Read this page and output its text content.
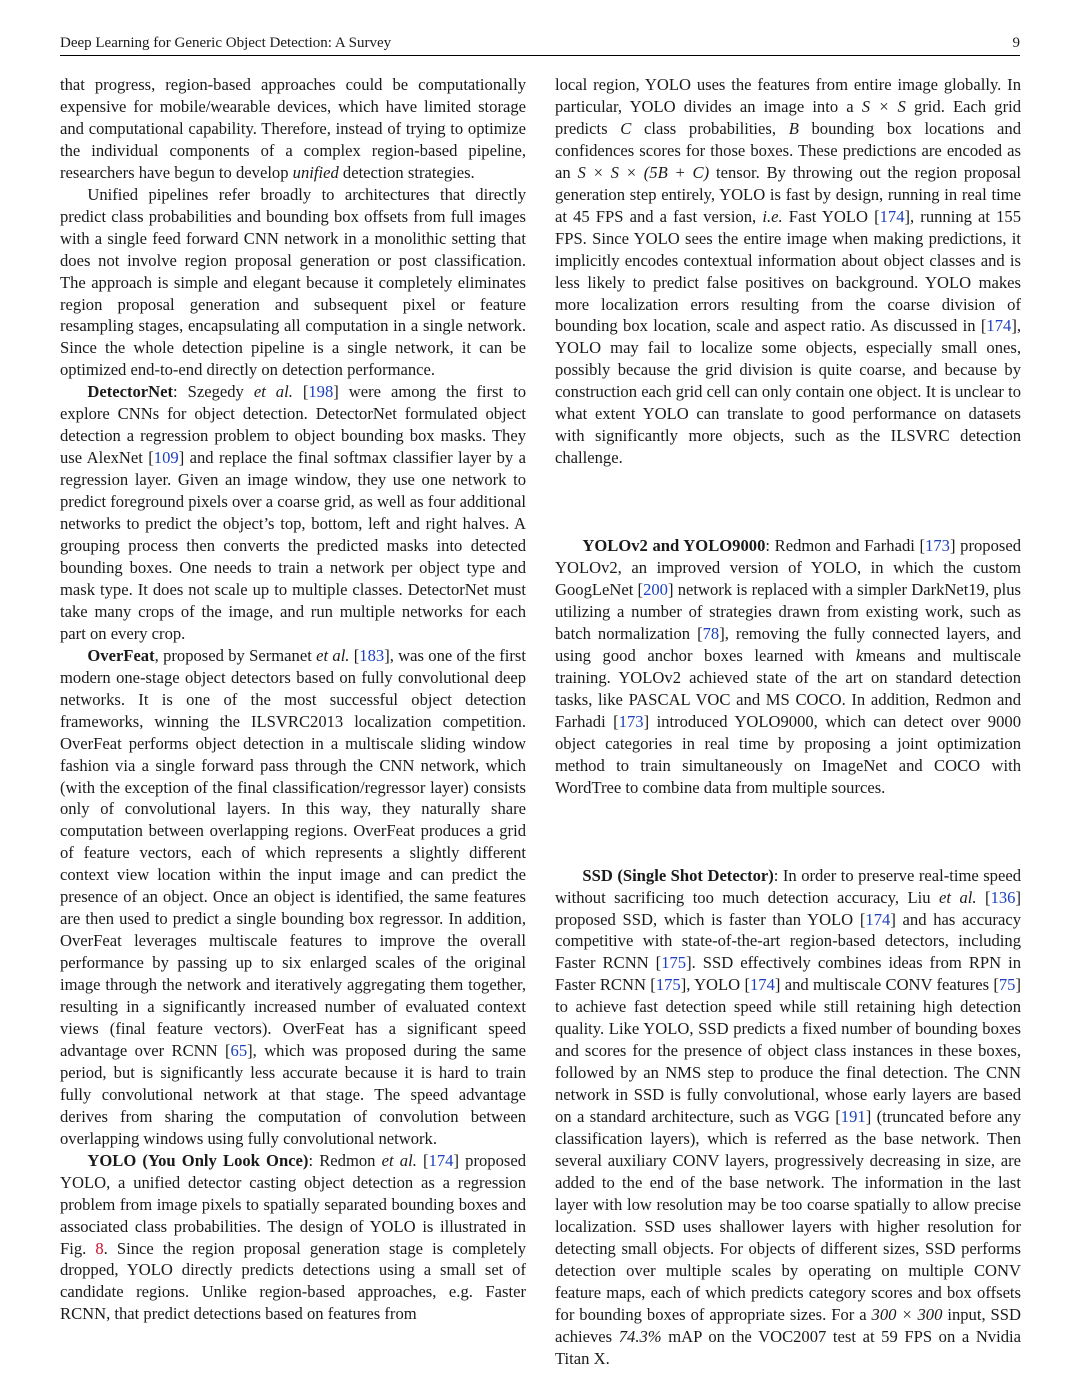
Deep Learning for Generic Object Detection: A Survey	9

that progress, region-based approaches could be computationally expensive for mobile/wearable devices, which have limited storage and computational capability. Therefore, instead of trying to optimize the individual components of a complex region-based pipeline, researchers have begun to develop unified detection strategies.

Unified pipelines refer broadly to architectures that directly predict class probabilities and bounding box offsets from full images with a single feed forward CNN network in a monolithic setting that does not involve region proposal generation or post classification. The approach is simple and elegant because it completely eliminates region proposal generation and subsequent pixel or feature resampling stages, encapsulating all computation in a single network. Since the whole detection pipeline is a single network, it can be optimized end-to-end directly on detection performance.

DetectorNet: Szegedy et al. [198] were among the first to explore CNNs for object detection. DetectorNet formulated object detection a regression problem to object bounding box masks. They use AlexNet [109] and replace the final softmax classifier layer by a regression layer. Given an image window, they use one network to predict foreground pixels over a coarse grid, as well as four additional networks to predict the object’s top, bottom, left and right halves. A grouping process then converts the predicted masks into detected bounding boxes. One needs to train a network per object type and mask type. It does not scale up to multiple classes. DetectorNet must take many crops of the image, and run multiple networks for each part on every crop.

OverFeat, proposed by Sermanet et al. [183], was one of the first modern one-stage object detectors based on fully convolutional deep networks. It is one of the most successful object detection frameworks, winning the ILSVRC2013 localization competition. OverFeat performs object detection in a multiscale sliding window fashion via a single forward pass through the CNN network, which (with the exception of the final classification/regressor layer) consists only of convolutional layers. In this way, they naturally share computation between overlapping regions. OverFeat produces a grid of feature vectors, each of which represents a slightly different context view location within the input image and can predict the presence of an object. Once an object is identified, the same features are then used to predict a single bounding box regressor. In addition, OverFeat leverages multiscale features to improve the overall performance by passing up to six enlarged scales of the original image through the network and iteratively aggregating them together, resulting in a significantly increased number of evaluated context views (final feature vectors). OverFeat has a significant speed advantage over RCNN [65], which was proposed during the same period, but is significantly less accurate because it is hard to train fully convolutional network at that stage. The speed advantage derives from sharing the computation of convolution between overlapping windows using fully convolutional network.

YOLO (You Only Look Once): Redmon et al. [174] proposed YOLO, a unified detector casting object detection as a regression problem from image pixels to spatially separated bounding boxes and associated class probabilities. The design of YOLO is illustrated in Fig. 8. Since the region proposal generation stage is completely dropped, YOLO directly predicts detections using a small set of candidate regions. Unlike region-based approaches, e.g. Faster RCNN, that predict detections based on features from

local region, YOLO uses the features from entire image globally. In particular, YOLO divides an image into a S × S grid. Each grid predicts C class probabilities, B bounding box locations and confidences scores for those boxes. These predictions are encoded as an S × S × (5B + C) tensor. By throwing out the region proposal generation step entirely, YOLO is fast by design, running in real time at 45 FPS and a fast version, i.e. Fast YOLO [174], running at 155 FPS. Since YOLO sees the entire image when making predictions, it implicitly encodes contextual information about object classes and is less likely to predict false positives on background. YOLO makes more localization errors resulting from the coarse division of bounding box location, scale and aspect ratio. As discussed in [174], YOLO may fail to localize some objects, especially small ones, possibly because the grid division is quite coarse, and because by construction each grid cell can only contain one object. It is unclear to what extent YOLO can translate to good performance on datasets with significantly more objects, such as the ILSVRC detection challenge.

YOLOv2 and YOLO9000: Redmon and Farhadi [173] proposed YOLOv2, an improved version of YOLO, in which the custom GoogLeNet [200] network is replaced with a simpler DarkNet19, plus utilizing a number of strategies drawn from existing work, such as batch normalization [78], removing the fully connected layers, and using good anchor boxes learned with kmeans and multiscale training. YOLOv2 achieved state of the art on standard detection tasks, like PASCAL VOC and MS COCO. In addition, Redmon and Farhadi [173] introduced YOLO9000, which can detect over 9000 object categories in real time by proposing a joint optimization method to train simultaneously on ImageNet and COCO with WordTree to combine data from multiple sources.

SSD (Single Shot Detector): In order to preserve real-time speed without sacrificing too much detection accuracy, Liu et al. [136] proposed SSD, which is faster than YOLO [174] and has accuracy competitive with state-of-the-art region-based detectors, including Faster RCNN [175]. SSD effectively combines ideas from RPN in Faster RCNN [175], YOLO [174] and multiscale CONV features [75] to achieve fast detection speed while still retaining high detection quality. Like YOLO, SSD predicts a fixed number of bounding boxes and scores for the presence of object class instances in these boxes, followed by an NMS step to produce the final detection. The CNN network in SSD is fully convolutional, whose early layers are based on a standard architecture, such as VGG [191] (truncated before any classification layers), which is referred as the base network. Then several auxiliary CONV layers, progressively decreasing in size, are added to the end of the base network. The information in the last layer with low resolution may be too coarse spatially to allow precise localization. SSD uses shallower layers with higher resolution for detecting small objects. For objects of different sizes, SSD performs detection over multiple scales by operating on multiple CONV feature maps, each of which predicts category scores and box offsets for bounding boxes of appropriate sizes. For a 300 × 300 input, SSD achieves 74.3% mAP on the VOC2007 test at 59 FPS on a Nvidia Titan X.
